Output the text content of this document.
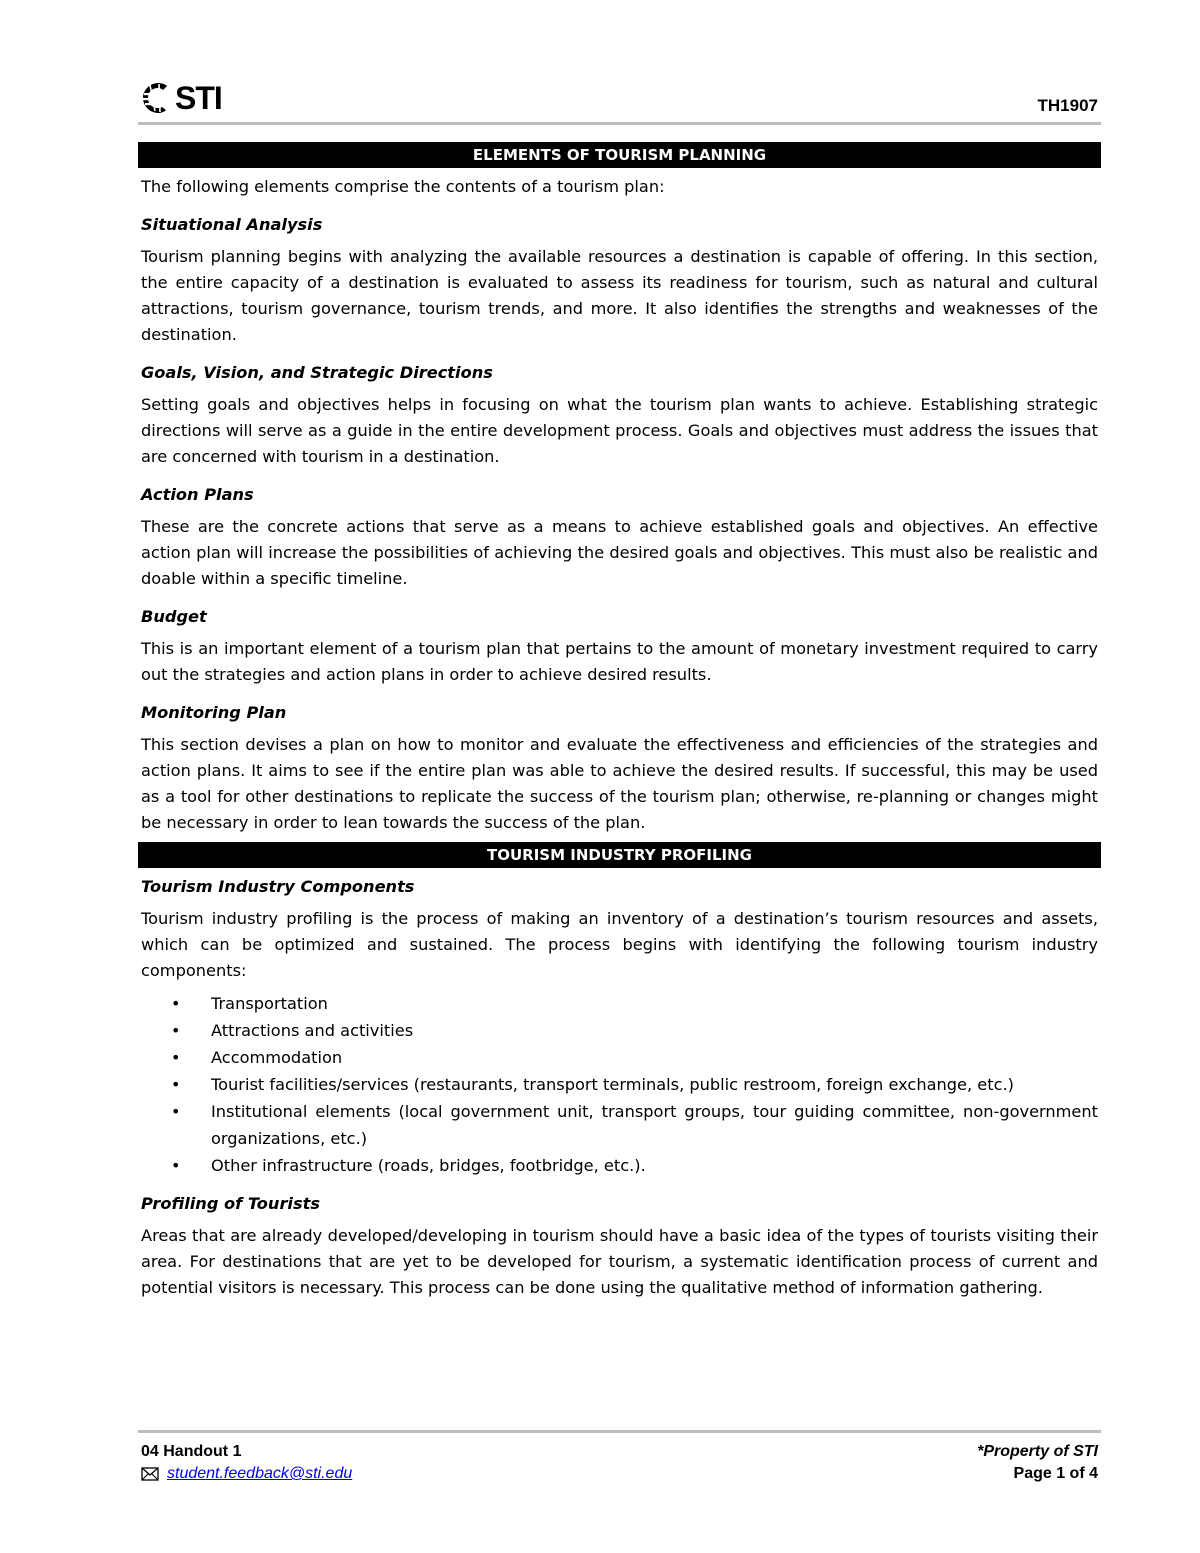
STI	TH1907
ELEMENTS OF TOURISM PLANNING

The following elements comprise the contents of a tourism plan:

Situational Analysis

Tourism planning begins with analyzing the available resources a destination is capable of offering. In this section, the entire capacity of a destination is evaluated to assess its readiness for tourism, such as natural and cultural attractions, tourism governance, tourism trends, and more. It also identifies the strengths and weaknesses of the destination.

Goals, Vision, and Strategic Directions

Setting goals and objectives helps in focusing on what the tourism plan wants to achieve. Establishing strategic directions will serve as a guide in the entire development process. Goals and objectives must address the issues that are concerned with tourism in a destination.

Action Plans

These are the concrete actions that serve as a means to achieve established goals and objectives. An effective action plan will increase the possibilities of achieving the desired goals and objectives. This must also be realistic and doable within a specific timeline.

Budget

This is an important element of a tourism plan that pertains to the amount of monetary investment required to carry out the strategies and action plans in order to achieve desired results.

Monitoring Plan

This section devises a plan on how to monitor and evaluate the effectiveness and efficiencies of the strategies and action plans. It aims to see if the entire plan was able to achieve the desired results. If successful, this may be used as a tool for other destinations to replicate the success of the tourism plan; otherwise, re-planning or changes might be necessary in order to lean towards the success of the plan.

TOURISM INDUSTRY PROFILING

Tourism Industry Components

Tourism industry profiling is the process of making an inventory of a destination’s tourism resources and assets, which can be optimized and sustained. The process begins with identifying the following tourism industry components:

• Transportation
• Attractions and activities
• Accommodation
• Tourist facilities/services (restaurants, transport terminals, public restroom, foreign exchange, etc.)
• Institutional elements (local government unit, transport groups, tour guiding committee, non-government organizations, etc.)
• Other infrastructure (roads, bridges, footbridge, etc.).

Profiling of Tourists

Areas that are already developed/developing in tourism should have a basic idea of the types of tourists visiting their area. For destinations that are yet to be developed for tourism, a systematic identification process of current and potential visitors is necessary. This process can be done using the qualitative method of information gathering.

04 Handout 1
student.feedback@sti.edu
*Property of STI
Page 1 of 4
